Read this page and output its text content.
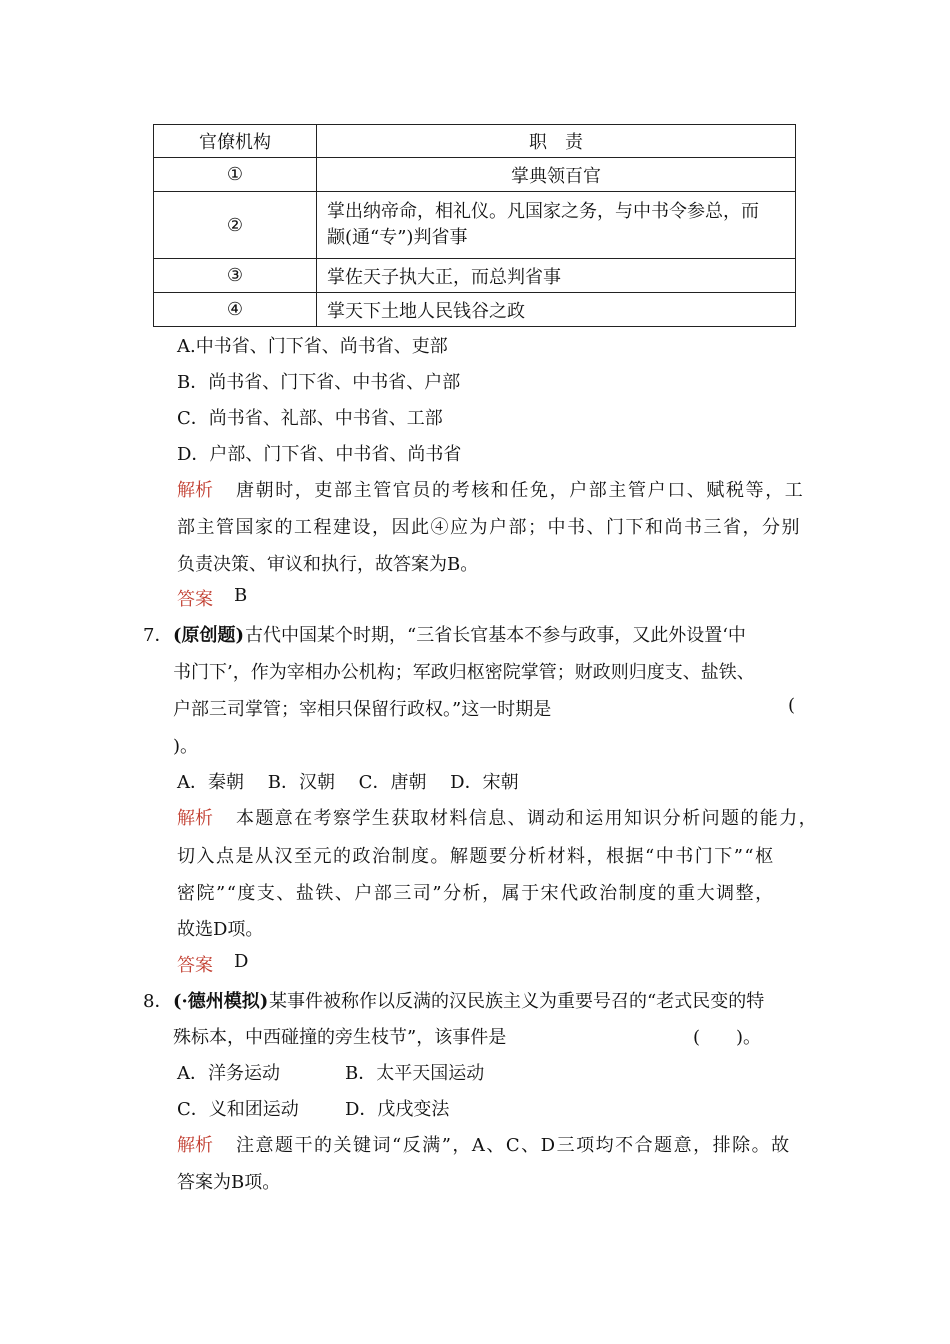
官僚机构	职　责
①	掌典领百官
②	掌出纳帝命，相礼仪。凡国家之务，与中书令参总，而
颛(通“专”)判省事
③	掌佐天子执大正，而总判省事
④	掌天下土地人民钱谷之政
A.中书省、门下省、尚书省、吏部
B．尚书省、门下省、中书省、户部
C．尚书省、礼部、中书省、工部
D．户部、门下省、中书省、尚书省
解析 唐朝时，吏部主管官员的考核和任免，户部主管户口、赋税等，工
部主管国家的工程建设，因此④应为户部；中书、门下和尚书三省，分别
负责决策、审议和执行，故答案为B。
答案 B
7． (原创题) 古代中国某个时期，“三省长官基本不参与政事，又此外设置‘中
书门下’，作为宰相办公机构；军政归枢密院掌管；财政则归度支、盐铁、
户部三司掌管；宰相只保留行政权。”这一时期是	(
)。
A．秦朝　 B．汉朝　 C．唐朝　 D．宋朝
解析 本题意在考察学生获取材料信息、调动和运用知识分析问题的能力，
切入点是从汉至元的政治制度。解题要分析材料，根据“中书门下”“枢
密院”“度支、盐铁、户部三司”分析，属于宋代政治制度的重大调整，
故选D项。
答案 D
8． (·德州模拟) 某事件被称作以反满的汉民族主义为重要号召的“老式民变的特
殊标本，中西碰撞的旁生枝节”，该事件是	(　　)。
A．洋务运动	B．太平天国运动
C．义和团运动	D．戊戌变法
解析 注意题干的关键词“反满”，A、C、D三项均不合题意，排除。故
答案为B项。
